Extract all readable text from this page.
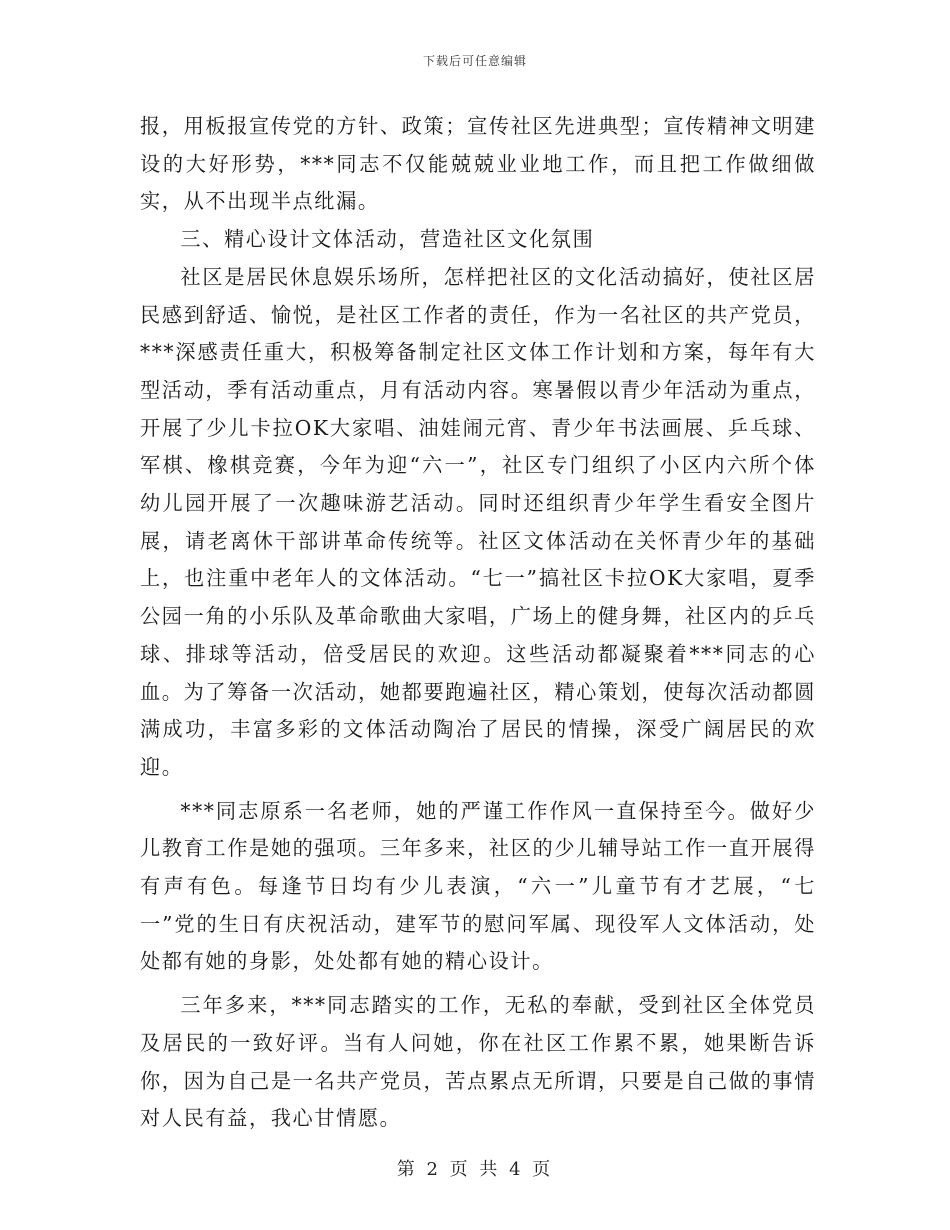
下载后可任意编辑

报，用板报宣传党的方针、政策；宣传社区先进典型；宣传精神文明建设的大好形势，***同志不仅能兢兢业业地工作，而且把工作做细做实，从不出现半点纰漏。

三、精心设计文体活动，营造社区文化氛围

社区是居民休息娱乐场所，怎样把社区的文化活动搞好，使社区居民感到舒适、愉悦，是社区工作者的责任，作为一名社区的共产党员，***深感责任重大，积极筹备制定社区文体工作计划和方案，每年有大型活动，季有活动重点，月有活动内容。寒暑假以青少年活动为重点，开展了少儿卡拉OK大家唱、油娃闹元宵、青少年书法画展、乒乓球、军棋、橡棋竞赛，今年为迎“六一”，社区专门组织了小区内六所个体幼儿园开展了一次趣味游艺活动。同时还组织青少年学生看安全图片展，请老离休干部讲革命传统等。社区文体活动在关怀青少年的基础上，也注重中老年人的文体活动。“七一”搞社区卡拉OK大家唱，夏季公园一角的小乐队及革命歌曲大家唱，广场上的健身舞，社区内的乒乓球、排球等活动，倍受居民的欢迎。这些活动都凝聚着***同志的心血。为了筹备一次活动，她都要跑遍社区，精心策划，使每次活动都圆满成功，丰富多彩的文体活动陶冶了居民的情操，深受广阔居民的欢迎。

***同志原系一名老师，她的严谨工作作风一直保持至今。做好少儿教育工作是她的强项。三年多来，社区的少儿辅导站工作一直开展得有声有色。每逢节日均有少儿表演，“六一”儿童节有才艺展，“七一”党的生日有庆祝活动，建军节的慰问军属、现役军人文体活动，处处都有她的身影，处处都有她的精心设计。

三年多来，***同志踏实的工作，无私的奉献，受到社区全体党员及居民的一致好评。当有人问她，你在社区工作累不累，她果断告诉你，因为自己是一名共产党员，苦点累点无所谓，只要是自己做的事情对人民有益，我心甘情愿。

第 2 页 共 4 页
